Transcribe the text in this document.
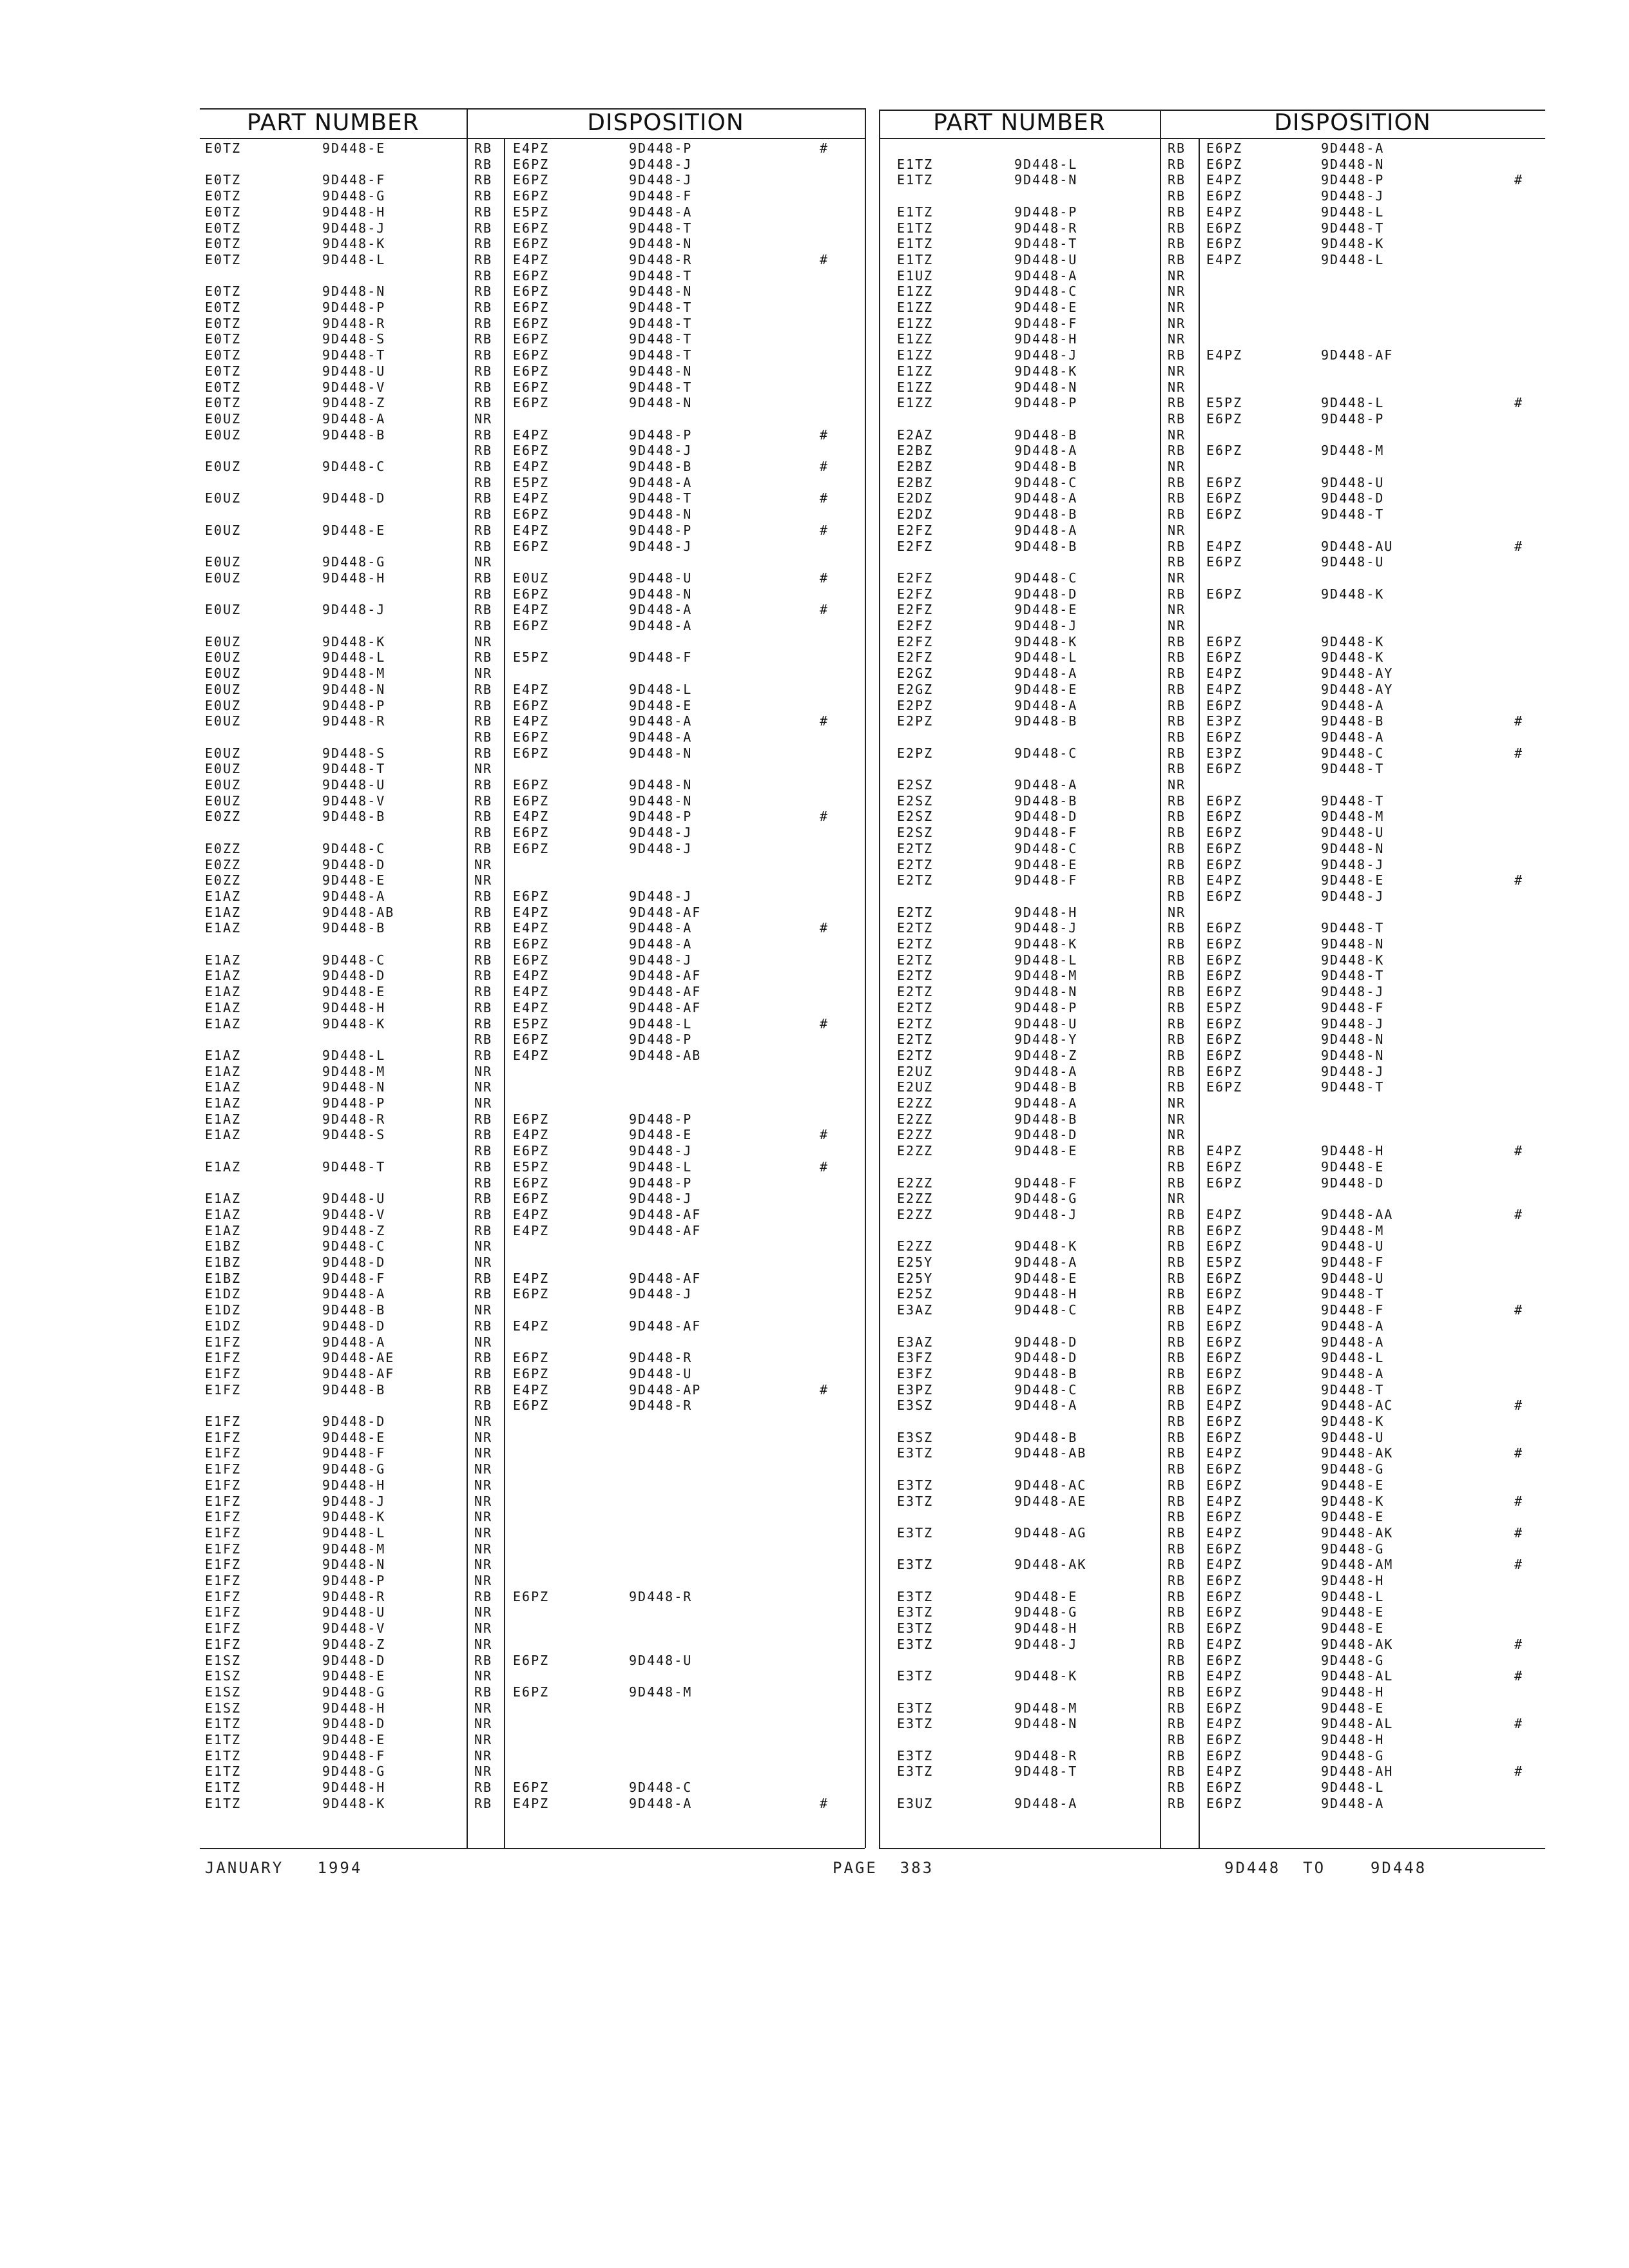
PART NUMBER	DISPOSITION	PART NUMBER	DISPOSITION
E0TZ	9D448-E	RB E4PZ	9D448-P	#
RB E6PZ	9D448-J
E0TZ	9D448-F	RB E6PZ	9D448-J
E0TZ	9D448-G	RB E6PZ	9D448-F
E0TZ	9D448-H	RB E5PZ	9D448-A
E0TZ	9D448-J	RB E6PZ	9D448-T
E0TZ	9D448-K	RB E6PZ	9D448-N
E0TZ	9D448-L	RB E4PZ	9D448-R	#
RB E6PZ	9D448-T
E0TZ	9D448-N	RB E6PZ	9D448-N
E0TZ	9D448-P	RB E6PZ	9D448-T
E0TZ	9D448-R	RB E6PZ	9D448-T
E0TZ	9D448-S	RB E6PZ	9D448-T
E0TZ	9D448-T	RB E6PZ	9D448-T
E0TZ	9D448-U	RB E6PZ	9D448-N
E0TZ	9D448-V	RB E6PZ	9D448-T
E0TZ	9D448-Z	RB E6PZ	9D448-N
E0UZ	9D448-A	NR
E0UZ	9D448-B	RB E4PZ	9D448-P	#
RB E6PZ	9D448-J
E0UZ	9D448-C	RB E4PZ	9D448-B	#
RB E5PZ	9D448-A
E0UZ	9D448-D	RB E4PZ	9D448-T	#
RB E6PZ	9D448-N
E0UZ	9D448-E	RB E4PZ	9D448-P	#
RB E6PZ	9D448-J
E0UZ	9D448-G	NR
E0UZ	9D448-H	RB E0UZ	9D448-U	#
RB E6PZ	9D448-N
E0UZ	9D448-J	RB E4PZ	9D448-A	#
RB E6PZ	9D448-A
E0UZ	9D448-K	NR
E0UZ	9D448-L	RB E5PZ	9D448-F
E0UZ	9D448-M	NR
E0UZ	9D448-N	RB E4PZ	9D448-L
E0UZ	9D448-P	RB E6PZ	9D448-E
E0UZ	9D448-R	RB E4PZ	9D448-A	#
RB E6PZ	9D448-A
E0UZ	9D448-S	RB E6PZ	9D448-N
E0UZ	9D448-T	NR
E0UZ	9D448-U	RB E6PZ	9D448-N
E0UZ	9D448-V	RB E6PZ	9D448-N
E0ZZ	9D448-B	RB E4PZ	9D448-P	#
RB E6PZ	9D448-J
E0ZZ	9D448-C	RB E6PZ	9D448-J
E0ZZ	9D448-D	NR
E0ZZ	9D448-E	NR
E1AZ	9D448-A	RB E6PZ	9D448-J
E1AZ	9D448-AB	RB E4PZ	9D448-AF
E1AZ	9D448-B	RB E4PZ	9D448-A	#
RB E6PZ	9D448-A
E1AZ	9D448-C	RB E6PZ	9D448-J
E1AZ	9D448-D	RB E4PZ	9D448-AF
E1AZ	9D448-E	RB E4PZ	9D448-AF
E1AZ	9D448-H	RB E4PZ	9D448-AF
E1AZ	9D448-K	RB E5PZ	9D448-L	#
RB E6PZ	9D448-P
E1AZ	9D448-L	RB E4PZ	9D448-AB
E1AZ	9D448-M	NR
E1AZ	9D448-N	NR
E1AZ	9D448-P	NR
E1AZ	9D448-R	RB E6PZ	9D448-P
E1AZ	9D448-S	RB E4PZ	9D448-E	#
RB E6PZ	9D448-J
E1AZ	9D448-T	RB E5PZ	9D448-L	#
RB E6PZ	9D448-P
E1AZ	9D448-U	RB E6PZ	9D448-J
E1AZ	9D448-V	RB E4PZ	9D448-AF
E1AZ	9D448-Z	RB E4PZ	9D448-AF
E1BZ	9D448-C	NR
E1BZ	9D448-D	NR
E1BZ	9D448-F	RB E4PZ	9D448-AF
E1DZ	9D448-A	RB E6PZ	9D448-J
E1DZ	9D448-B	NR
E1DZ	9D448-D	RB E4PZ	9D448-AF
E1FZ	9D448-A	NR
E1FZ	9D448-AE	RB E6PZ	9D448-R
E1FZ	9D448-AF	RB E6PZ	9D448-U
E1FZ	9D448-B	RB E4PZ	9D448-AP	#
RB E6PZ	9D448-R
E1FZ	9D448-D	NR
E1FZ	9D448-E	NR
E1FZ	9D448-F	NR
E1FZ	9D448-G	NR
E1FZ	9D448-H	NR
E1FZ	9D448-J	NR
E1FZ	9D448-K	NR
E1FZ	9D448-L	NR
E1FZ	9D448-M	NR
E1FZ	9D448-N	NR
E1FZ	9D448-P	NR
E1FZ	9D448-R	RB E6PZ	9D448-R
E1FZ	9D448-U	NR
E1FZ	9D448-V	NR
E1FZ	9D448-Z	NR
E1SZ	9D448-D	RB E6PZ	9D448-U
E1SZ	9D448-E	NR
E1SZ	9D448-G	RB E6PZ	9D448-M
E1SZ	9D448-H	NR
E1TZ	9D448-D	NR
E1TZ	9D448-E	NR
E1TZ	9D448-F	NR
E1TZ	9D448-G	NR
E1TZ	9D448-H	RB E6PZ	9D448-C
E1TZ	9D448-K	RB E4PZ	9D448-A	#
RB E6PZ	9D448-A
E1TZ	9D448-L	RB E6PZ	9D448-N
E1TZ	9D448-N	RB E4PZ	9D448-P	#
RB E6PZ	9D448-J
E1TZ	9D448-P	RB E4PZ	9D448-L
E1TZ	9D448-R	RB E6PZ	9D448-T
E1TZ	9D448-T	RB E6PZ	9D448-K
E1TZ	9D448-U	RB E4PZ	9D448-L
E1UZ	9D448-A	NR
E1ZZ	9D448-C	NR
E1ZZ	9D448-E	NR
E1ZZ	9D448-F	NR
E1ZZ	9D448-H	NR
E1ZZ	9D448-J	RB E4PZ	9D448-AF
E1ZZ	9D448-K	NR
E1ZZ	9D448-N	NR
E1ZZ	9D448-P	RB E5PZ	9D448-L	#
RB E6PZ	9D448-P
E2AZ	9D448-B	NR
E2BZ	9D448-A	RB E6PZ	9D448-M
E2BZ	9D448-B	NR
E2BZ	9D448-C	RB E6PZ	9D448-U
E2DZ	9D448-A	RB E6PZ	9D448-D
E2DZ	9D448-B	RB E6PZ	9D448-T
E2FZ	9D448-A	NR
E2FZ	9D448-B	RB E4PZ	9D448-AU	#
RB E6PZ	9D448-U
E2FZ	9D448-C	NR
E2FZ	9D448-D	RB E6PZ	9D448-K
E2FZ	9D448-E	NR
E2FZ	9D448-J	NR
E2FZ	9D448-K	RB E6PZ	9D448-K
E2FZ	9D448-L	RB E6PZ	9D448-K
E2GZ	9D448-A	RB E4PZ	9D448-AY
E2GZ	9D448-E	RB E4PZ	9D448-AY
E2PZ	9D448-A	RB E6PZ	9D448-A
E2PZ	9D448-B	RB E3PZ	9D448-B	#
RB E6PZ	9D448-A
E2PZ	9D448-C	RB E3PZ	9D448-C	#
RB E6PZ	9D448-T
E2SZ	9D448-A	NR
E2SZ	9D448-B	RB E6PZ	9D448-T
E2SZ	9D448-D	RB E6PZ	9D448-M
E2SZ	9D448-F	RB E6PZ	9D448-U
E2TZ	9D448-C	RB E6PZ	9D448-N
E2TZ	9D448-E	RB E6PZ	9D448-J
E2TZ	9D448-F	RB E4PZ	9D448-E	#
RB E6PZ	9D448-J
E2TZ	9D448-H	NR
E2TZ	9D448-J	RB E6PZ	9D448-T
E2TZ	9D448-K	RB E6PZ	9D448-N
E2TZ	9D448-L	RB E6PZ	9D448-K
E2TZ	9D448-M	RB E6PZ	9D448-T
E2TZ	9D448-N	RB E6PZ	9D448-J
E2TZ	9D448-P	RB E5PZ	9D448-F
E2TZ	9D448-U	RB E6PZ	9D448-J
E2TZ	9D448-Y	RB E6PZ	9D448-N
E2TZ	9D448-Z	RB E6PZ	9D448-N
E2UZ	9D448-A	RB E6PZ	9D448-J
E2UZ	9D448-B	RB E6PZ	9D448-T
E2ZZ	9D448-A	NR
E2ZZ	9D448-B	NR
E2ZZ	9D448-D	NR
E2ZZ	9D448-E	RB E4PZ	9D448-H	#
RB E6PZ	9D448-E
E2ZZ	9D448-F	RB E6PZ	9D448-D
E2ZZ	9D448-G	NR
E2ZZ	9D448-J	RB E4PZ	9D448-AA	#
RB E6PZ	9D448-M
E2ZZ	9D448-K	RB E6PZ	9D448-U
E25Y	9D448-A	RB E5PZ	9D448-F
E25Y	9D448-E	RB E6PZ	9D448-U
E25Z	9D448-H	RB E6PZ	9D448-T
E3AZ	9D448-C	RB E4PZ	9D448-F	#
RB E6PZ	9D448-A
E3AZ	9D448-D	RB E6PZ	9D448-A
E3FZ	9D448-D	RB E6PZ	9D448-L
E3FZ	9D448-B	RB E6PZ	9D448-A
E3PZ	9D448-C	RB E6PZ	9D448-T
E3SZ	9D448-A	RB E4PZ	9D448-AC	#
RB E6PZ	9D448-K
E3SZ	9D448-B	RB E6PZ	9D448-U
E3TZ	9D448-AB	RB E4PZ	9D448-AK	#
RB E6PZ	9D448-G
E3TZ	9D448-AC	RB E6PZ	9D448-E
E3TZ	9D448-AE	RB E4PZ	9D448-K	#
RB E6PZ	9D448-E
E3TZ	9D448-AG	RB E4PZ	9D448-AK	#
RB E6PZ	9D448-G
E3TZ	9D448-AK	RB E4PZ	9D448-AM	#
RB E6PZ	9D448-H
E3TZ	9D448-E	RB E6PZ	9D448-L
E3TZ	9D448-G	RB E6PZ	9D448-E
E3TZ	9D448-H	RB E6PZ	9D448-E
E3TZ	9D448-J	RB E4PZ	9D448-AK	#
RB E6PZ	9D448-G
E3TZ	9D448-K	RB E4PZ	9D448-AL	#
RB E6PZ	9D448-H
E3TZ	9D448-M	RB E6PZ	9D448-E
E3TZ	9D448-N	RB E4PZ	9D448-AL	#
RB E6PZ	9D448-H
E3TZ	9D448-R	RB E6PZ	9D448-G
E3TZ	9D448-T	RB E4PZ	9D448-AH	#
RB E6PZ	9D448-L
E3UZ	9D448-A	RB E6PZ	9D448-A
JANUARY   1994	PAGE  383	9D448  TO    9D448
